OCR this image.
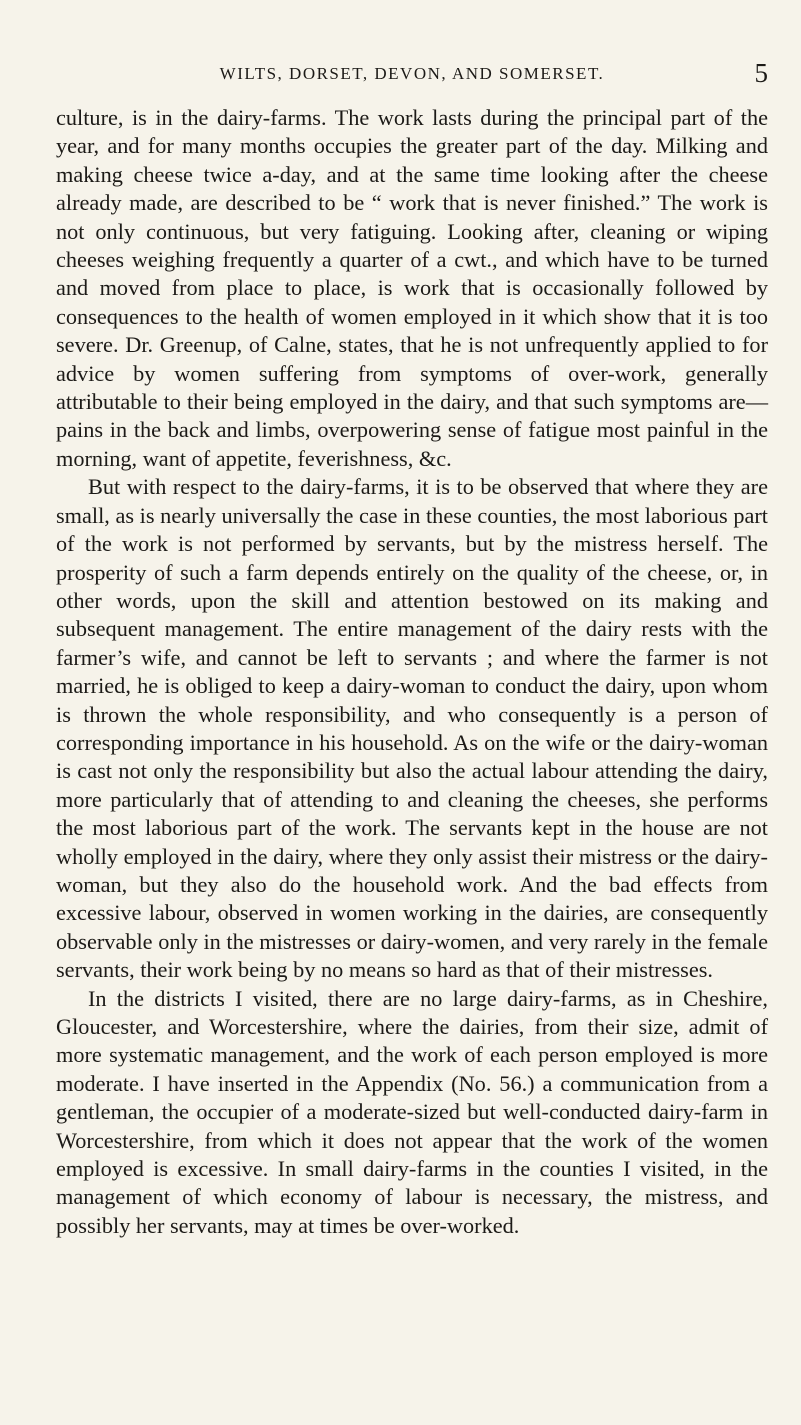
WILTS, DORSET, DEVON, AND SOMERSET.	5

culture, is in the dairy-farms. The work lasts during the principal part of the year, and for many months occupies the greater part of the day. Milking and making cheese twice a-day, and at the same time looking after the cheese already made, are described to be “ work that is never finished.” The work is not only continuous, but very fatiguing. Looking after, cleaning or wiping cheeses weighing frequently a quarter of a cwt., and which have to be turned and moved from place to place, is work that is occasionally followed by consequences to the health of women employed in it which show that it is too severe. Dr. Greenup, of Calne, states, that he is not unfrequently applied to for advice by women suffering from symptoms of over-work, generally attributable to their being employed in the dairy, and that such symptoms are— pains in the back and limbs, overpowering sense of fatigue most painful in the morning, want of appetite, feverishness, &c.

But with respect to the dairy-farms, it is to be observed that where they are small, as is nearly universally the case in these counties, the most laborious part of the work is not performed by servants, but by the mistress herself. The prosperity of such a farm depends entirely on the quality of the cheese, or, in other words, upon the skill and attention bestowed on its making and subsequent management. The entire management of the dairy rests with the farmer’s wife, and cannot be left to servants ; and where the farmer is not married, he is obliged to keep a dairy-woman to conduct the dairy, upon whom is thrown the whole responsibility, and who consequently is a person of corresponding importance in his household. As on the wife or the dairy-woman is cast not only the responsibility but also the actual labour attending the dairy, more particularly that of attending to and cleaning the cheeses, she performs the most laborious part of the work. The servants kept in the house are not wholly employed in the dairy, where they only assist their mistress or the dairy-woman, but they also do the household work. And the bad effects from excessive labour, observed in women working in the dairies, are consequently observable only in the mistresses or dairy-women, and very rarely in the female servants, their work being by no means so hard as that of their mistresses.

In the districts I visited, there are no large dairy-farms, as in Cheshire, Gloucester, and Worcestershire, where the dairies, from their size, admit of more systematic management, and the work of each person employed is more moderate. I have inserted in the Appendix (No. 56.) a communication from a gentleman, the occupier of a moderate-sized but well-conducted dairy-farm in Worcestershire, from which it does not appear that the work of the women employed is excessive. In small dairy-farms in the counties I visited, in the management of which economy of labour is necessary, the mistress, and possibly her servants, may at times be over-worked.
